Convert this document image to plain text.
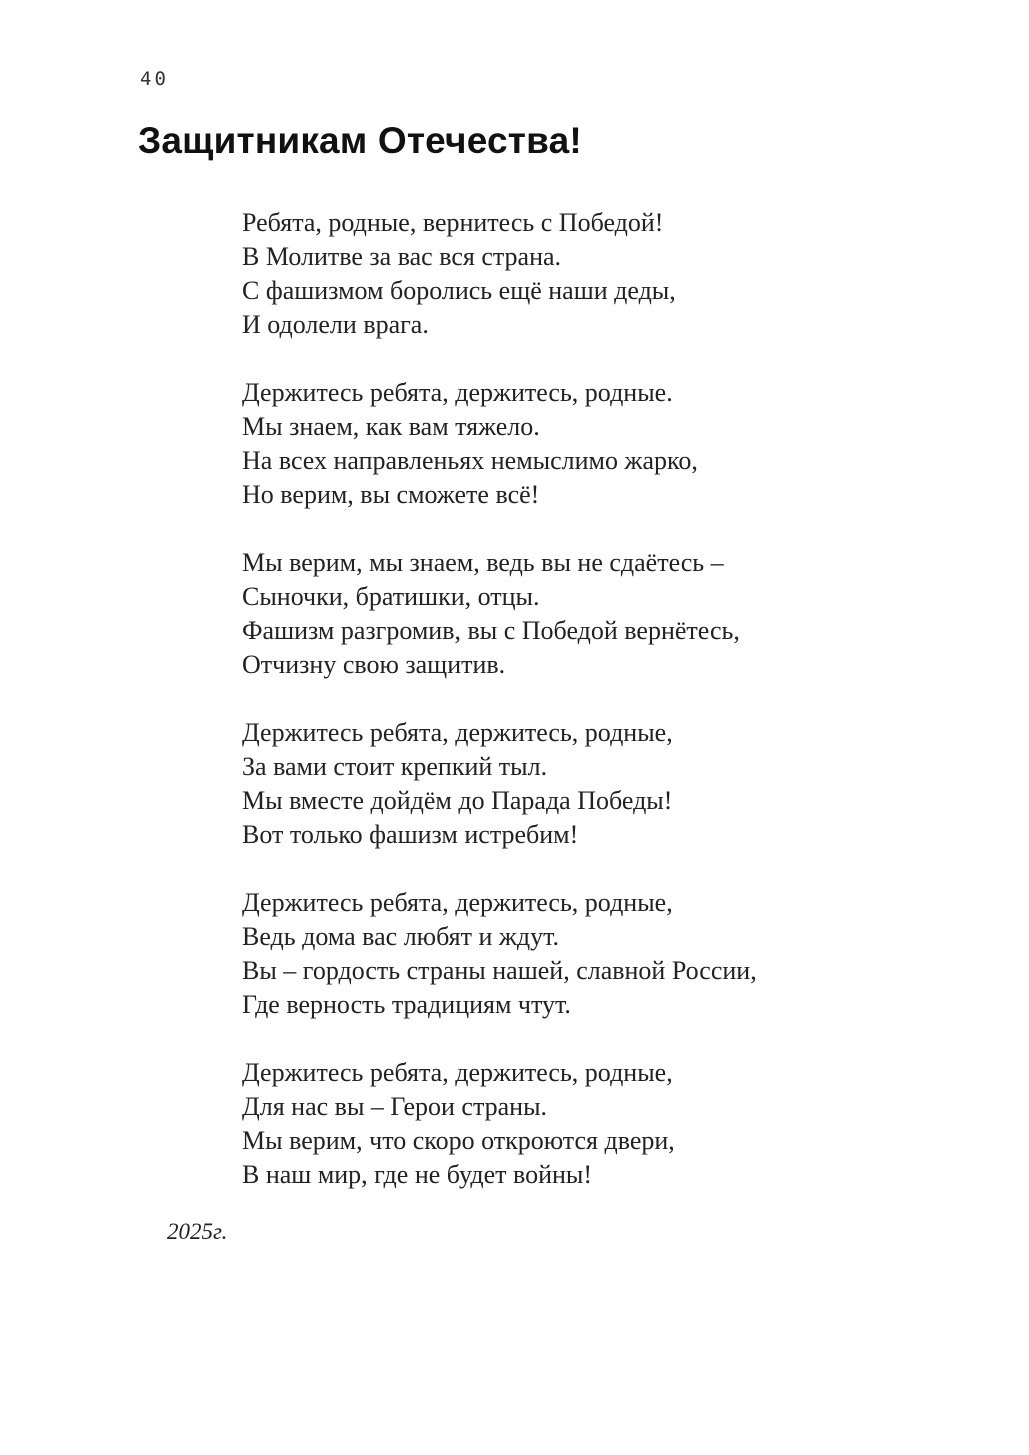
40
Защитникам Отечества!
Ребята, родные, вернитесь с Победой!
В Молитве за вас вся страна.
С фашизмом боролись ещё наши деды,
И одолели врага.
Держитесь ребята, держитесь, родные.
Мы знаем, как вам тяжело.
На всех направленьях немыслимо жарко,
Но верим, вы сможете всё!
Мы верим, мы знаем, ведь вы не сдаётесь –
Сыночки, братишки, отцы.
Фашизм разгромив, вы с Победой вернётесь,
Отчизну свою защитив.
Держитесь ребята, держитесь, родные,
За вами стоит крепкий тыл.
Мы вместе дойдём до Парада Победы!
Вот только фашизм истребим!
Держитесь ребята, держитесь, родные,
Ведь дома вас любят и ждут.
Вы – гордость страны нашей, славной России,
Где верность традициям чтут.
Держитесь ребята, держитесь, родные,
Для нас вы – Герои страны.
Мы верим, что скоро откроются двери,
В наш мир, где не будет войны!
2025г.
